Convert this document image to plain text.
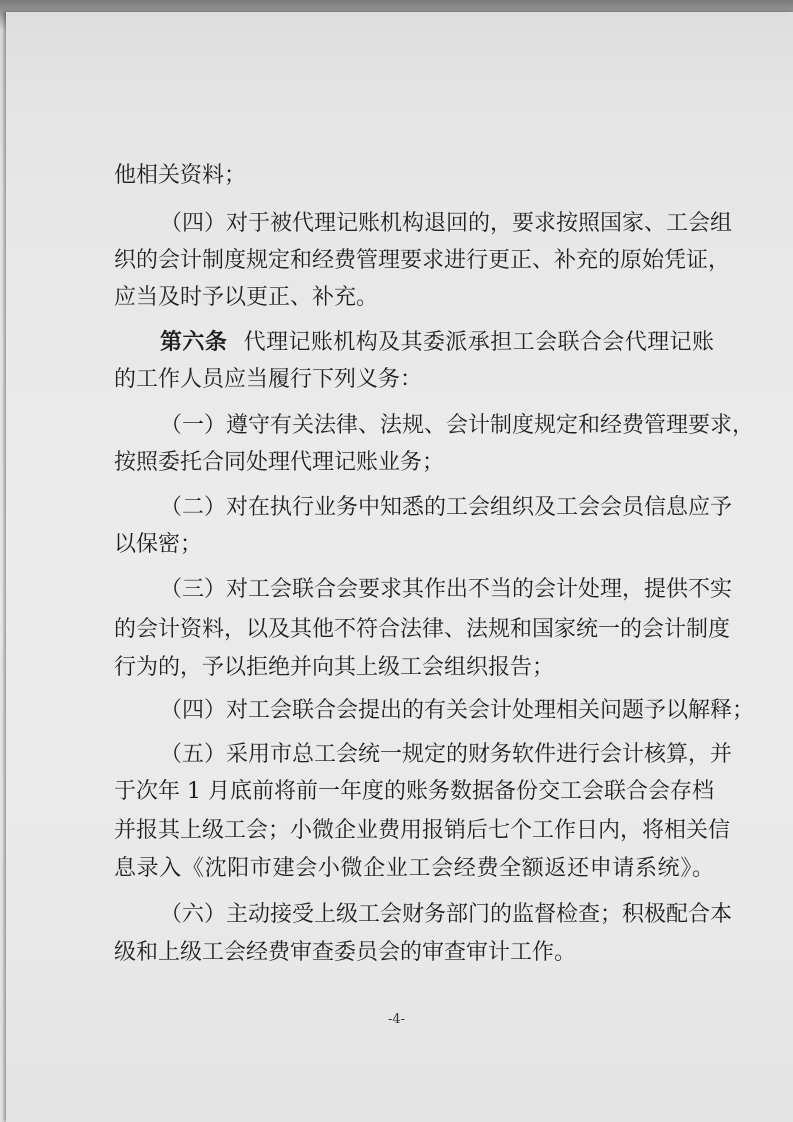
他相关资料；
（四）对于被代理记账机构退回的，要求按照国家、工会组
织的会计制度规定和经费管理要求进行更正、补充的原始凭证，
应当及时予以更正、补充。
第六条 代理记账机构及其委派承担工会联合会代理记账
的工作人员应当履行下列义务：
（一）遵守有关法律、法规、会计制度规定和经费管理要求，
按照委托合同处理代理记账业务；
（二）对在执行业务中知悉的工会组织及工会会员信息应予
以保密；
（三）对工会联合会要求其作出不当的会计处理，提供不实
的会计资料，以及其他不符合法律、法规和国家统一的会计制度
行为的，予以拒绝并向其上级工会组织报告；
（四）对工会联合会提出的有关会计处理相关问题予以解释；
（五）采用市总工会统一规定的财务软件进行会计核算，并
于次年 1 月底前将前一年度的账务数据备份交工会联合会存档
并报其上级工会；小微企业费用报销后七个工作日内，将相关信
息录入《沈阳市建会小微企业工会经费全额返还申请系统》。
（六）主动接受上级工会财务部门的监督检查；积极配合本
级和上级工会经费审查委员会的审查审计工作。
-4-
